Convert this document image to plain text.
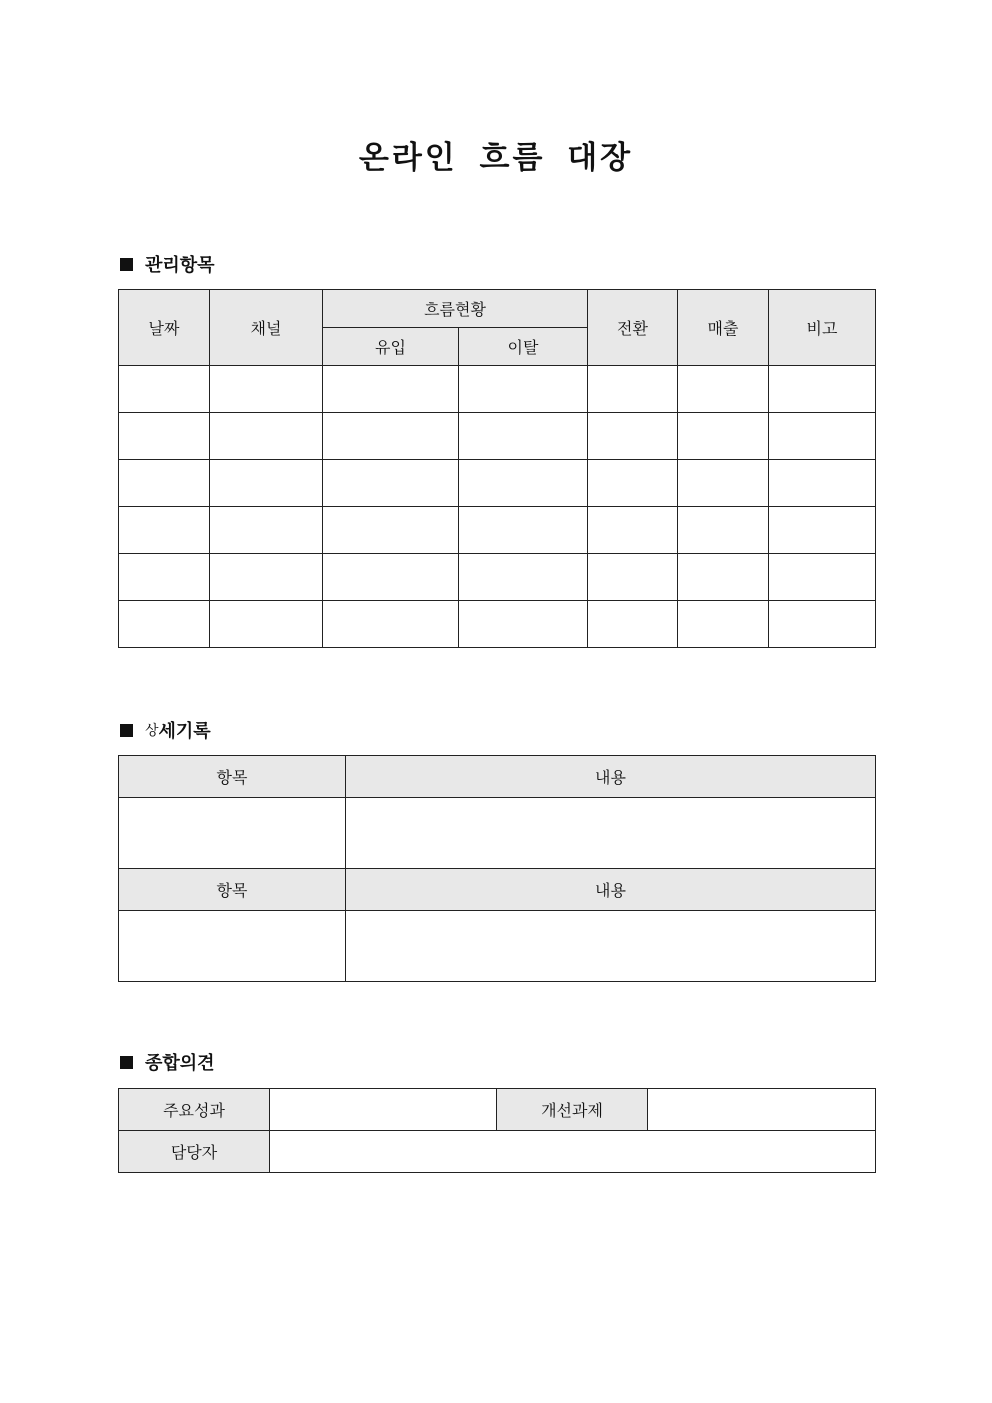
온라인 흐름 대장
관리항목
날짜	채널	흐름현황		전환	매출	비고
		유입	이탈			

상 세기록
항목	내용

항목	내용

종합의견
주요성과		개선과제	
담당자			
